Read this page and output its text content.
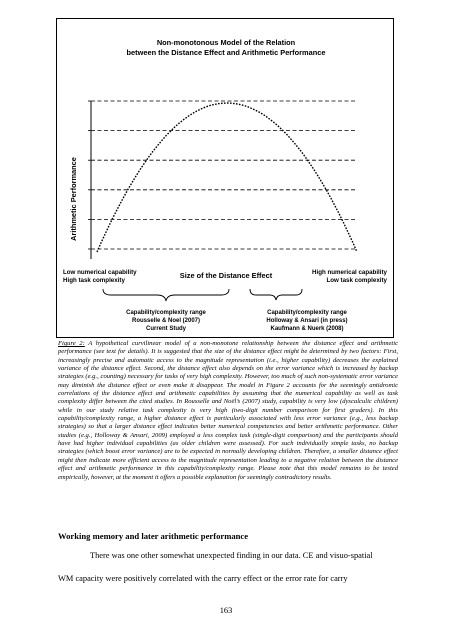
Non-monotonous Model of the Relation
between the Distance Effect and Arithmetic Performance
Arithmetic Performance
Low numerical capability
High task complexity
Size of the Distance Effect	High numerical capability
Low task complexity
Capability/complexity range
Rousselle & Noel (2007)
Current Study
Capability/complexity range
Holloway & Ansari (in press)
Kaufmann & Nuerk (2008)

Figure 2: A hypothetical curvilinear model of a non-monotone relationship between the distance effect and arithmetic performance (see text for details). It is suggested that the size of the distance effect might be determined by two factors: First, increasingly precise and automatic access to the magnitude representation (i.e., higher capability) decreases the explained variance of the distance effect. Second, the distance effect also depends on the error variance which is increased by backup strategies (e.g., counting) necessary for tasks of very high complexity. However, too much of such non-systematic error variance may diminish the distance effect or even make it disappear. The model in Figure 2 accounts for the seemingly antidromic correlations of the distance effect and arithmetic capabilities by assuming that the numerical capability as well as task complexity differ between the cited studies. In Rousselle and Noël’s (2007) study, capability is very low (dyscalculic children) while in our study relative task complexity is very high (two-digit number comparison for first graders). In this capability/complexity range, a higher distance effect is particularly associated with less error variance (e.g., less backup strategies) so that a larger distance effect indicates better numerical competencies and better arithmetic performance. Other studies (e.g., Holloway & Ansari, 2009) employed a less complex task (single-digit comparison) and the participants should have had higher individual capabilities (as older children were assessed). For such individually simple tasks, no backup strategies (which boost error variance) are to be expected in normally developing children. Therefore, a smaller distance effect might then indicate more efficient access to the magnitude representation leading to a negative relation between the distance effect and arithmetic performance in this capability/complexity range. Please note that this model remains to be tested empirically, however, at the moment it offers a possible explanation for seemingly contradictory results.

Working memory and later arithmetic performance

There was one other somewhat unexpected finding in our data. CE and visuo-spatial

WM capacity were positively correlated with the carry effect or the error rate for carry

163
